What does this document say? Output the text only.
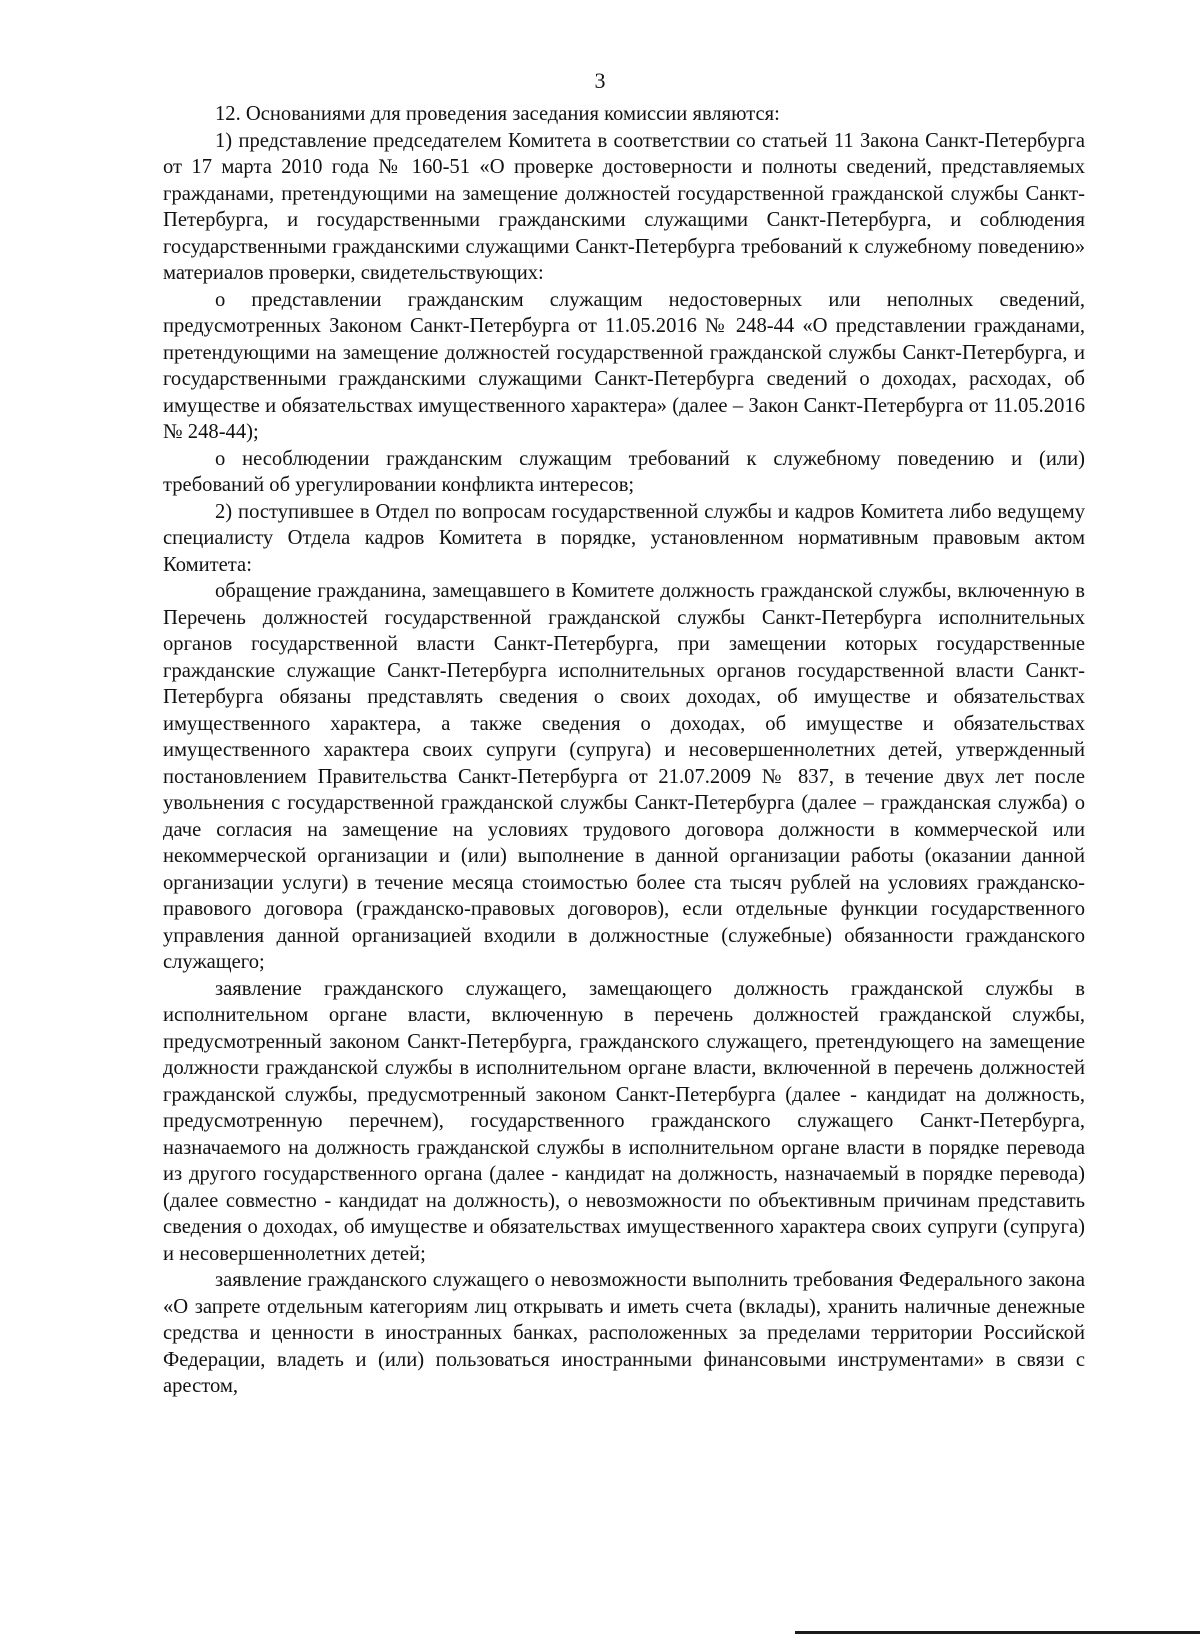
3

12. Основаниями для проведения заседания комиссии являются:

1) представление председателем Комитета в соответствии со статьей 11 Закона Санкт-Петербурга от 17 марта 2010 года № 160-51 «О проверке достоверности и полноты сведений, представляемых гражданами, претендующими на замещение должностей государственной гражданской службы Санкт-Петербурга, и государственными гражданскими служащими Санкт-Петербурга, и соблюдения государственными гражданскими служащими Санкт-Петербурга требований к служебному поведению» материалов проверки, свидетельствующих:

о представлении гражданским служащим недостоверных или неполных сведений, предусмотренных Законом Санкт-Петербурга от 11.05.2016 № 248-44 «О представлении гражданами, претендующими на замещение должностей государственной гражданской службы Санкт-Петербурга, и государственными гражданскими служащими Санкт-Петербурга сведений о доходах, расходах, об имуществе и обязательствах имущественного характера» (далее – Закон Санкт-Петербурга от 11.05.2016 № 248-44);

о несоблюдении гражданским служащим требований к служебному поведению и (или) требований об урегулировании конфликта интересов;

2) поступившее в Отдел по вопросам государственной службы и кадров Комитета либо ведущему специалисту Отдела кадров Комитета в порядке, установленном нормативным правовым актом Комитета:

обращение гражданина, замещавшего в Комитете должность гражданской службы, включенную в Перечень должностей государственной гражданской службы Санкт-Петербурга исполнительных органов государственной власти Санкт-Петербурга, при замещении которых государственные гражданские служащие Санкт-Петербурга исполнительных органов государственной власти Санкт-Петербурга обязаны представлять сведения о своих доходах, об имуществе и обязательствах имущественного характера, а также сведения о доходах, об имуществе и обязательствах имущественного характера своих супруги (супруга) и несовершеннолетних детей, утвержденный постановлением Правительства Санкт-Петербурга от 21.07.2009 № 837, в течение двух лет после увольнения с государственной гражданской службы Санкт-Петербурга (далее – гражданская служба) о даче согласия на замещение на условиях трудового договора должности в коммерческой или некоммерческой организации и (или) выполнение в данной организации работы (оказании данной организации услуги) в течение месяца стоимостью более ста тысяч рублей на условиях гражданско-правового договора (гражданско-правовых договоров), если отдельные функции государственного управления данной организацией входили в должностные (служебные) обязанности гражданского служащего;

заявление гражданского служащего, замещающего должность гражданской службы в исполнительном органе власти, включенную в перечень должностей гражданской службы, предусмотренный законом Санкт-Петербурга, гражданского служащего, претендующего на замещение должности гражданской службы в исполнительном органе власти, включенной в перечень должностей гражданской службы, предусмотренный законом Санкт-Петербурга (далее - кандидат на должность, предусмотренную перечнем), государственного гражданского служащего Санкт-Петербурга, назначаемого на должность гражданской службы в исполнительном органе власти в порядке перевода из другого государственного органа (далее - кандидат на должность, назначаемый в порядке перевода) (далее совместно - кандидат на должность), о невозможности по объективным причинам представить сведения о доходах, об имуществе и обязательствах имущественного характера своих супруги (супруга) и несовершеннолетних детей;

заявление гражданского служащего о невозможности выполнить требования Федерального закона «О запрете отдельным категориям лиц открывать и иметь счета (вклады), хранить наличные денежные средства и ценности в иностранных банках, расположенных за пределами территории Российской Федерации, владеть и (или) пользоваться иностранными финансовыми инструментами» в связи с арестом,
